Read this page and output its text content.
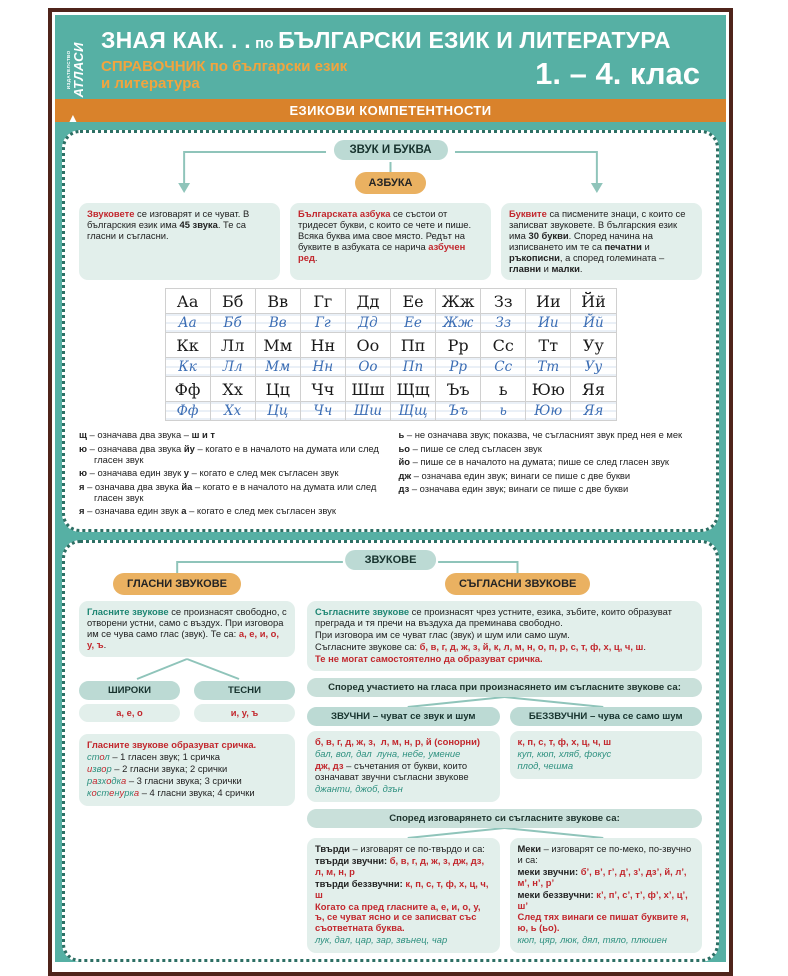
ИЗДАТЕЛСТВО АТЛАСИ
▲
ЗНАЯ КАК. . . по БЪЛГАРСКИ ЕЗИК И ЛИТЕРАТУРА
СПРАВОЧНИК по български език
и литература	1. – 4. клас
ЕЗИКОВИ КОМПЕТЕНТНОСТИ
ЗВУК И БУКВА
АЗБУКА
Звуковете се изговарят и се чуват. В българския език има 45 звука. Те са гласни и съгласни.
Българската азбука се състои от тридесет букви, с които се чете и пише. Всяка буква има свое място. Редът на буквите в азбуката се нарича азбучен ред.
Буквите са писмените знаци, с които се записват звуковете. В българския език има 30 букви. Според начина на изписването им те са печатни и ръкописни, а според големината – главни и малки.
Аа	Бб	Вв	Гг	Дд	Ее	Жж	Зз	Ии	Йй
Аа	Бб	Вв	Гг	Дд	Ее	Жж	Зз	Ии	Йй
Кк	Лл	Мм	Нн	Оо	Пп	Рр	Сс	Тт	Уу
Кк	Лл	Мм	Нн	Оо	Пп	Рр	Сс	Тт	Уу
Фф	Хх	Цц	Чч	Шш	Щщ	Ъъ	ь	Юю	Яя
Фф	Хх	Цц	Чч	Шш	Щщ	Ъъ	ь	Юю	Яя
щ – означава два звука – ш и т
ю – означава два звука йу – когато е в началото на думата или след гласен звук
ю – означава един звук у – когато е след мек съгласен звук
я – означава два звука йа – когато е в началото на думата или след гласен звук
я – означава един звук а – когато е след мек съгласен звук
ь – не означава звук; показва, че съгласният звук пред нея е мек
ьо – пише се след съгласен звук
йо – пише се в началото на думата; пише се след гласен звук
дж – означава един звук; винаги се пише с две букви
дз – означава един звук; винаги се пише с две букви
ЗВУКОВЕ
ГЛАСНИ ЗВУКОВЕ	СЪГЛАСНИ ЗВУКОВЕ
Гласните звукове се произнасят свободно, с отворени устни, само с въздух. При изговора им се чува само глас (звук). Те са: а, е, и, о, у, ъ.
ШИРОКИ
а, е, о
ТЕСНИ
и, у, ъ
Гласните звукове образуват сричка.
стол – 1 гласен звук; 1 сричка
извор – 2 гласни звука; 2 срички
разходка – 3 гласни звука; 3 срички
костенурка – 4 гласни звука; 4 срички
Съгласните звукове се произнасят чрез устните, езика, зъбите, които образуват преграда и тя пречи на въздуха да преминава свободно.
При изговора им се чуват глас (звук) и шум или само шум.
Съгласните звукове са: б, в, г, д, ж, з, й, к, л, м, н, о, п, р, с, т, ф, х, ц, ч, ш.
Те не могат самостоятелно да образуват сричка.
Според участието на гласа при произнасянето им съгласните звукове са:
ЗВУЧНИ – чуват се звук и шум
б, в, г, д, ж, з, л, м, н, р, й (сонорни)
бал, вол, дал луна, небе, умение
дж, дз – съчетания от букви, които означават звучни съгласни звукове
джанти, джоб, дзън
БЕЗЗВУЧНИ – чува се само шум
к, п, с, т, ф, х, ц, ч, ш
куп, кюп, хляб, фокус
плод, чешма
Според изговарянето си съгласните звукове са:
Твърди – изговарят се по-твърдо и са:
твърди звучни: б, в, г, д, ж, з, дж, дз, л, м, н, р
твърди беззвучни: к, п, с, т, ф, х, ц, ч, ш
Когато са пред гласните а, е, и, о, у, ъ, се чуват ясно и се записват със съответната буква.
лук, дал, цар, зар, звънец, чар
Меки – изговарят се по-меко, по-звучно и са:
меки звучни: б’, в’, г’, д’, з’, дз’, й, л’, м’, н’, р’
меки беззвучни: к’, п’, с’, т’, ф’, х’, ц’, ш’
След тях винаги се пишат буквите я, ю, ь (ьо).
кюп, цяр, люк, дял, тяло, плюшен
